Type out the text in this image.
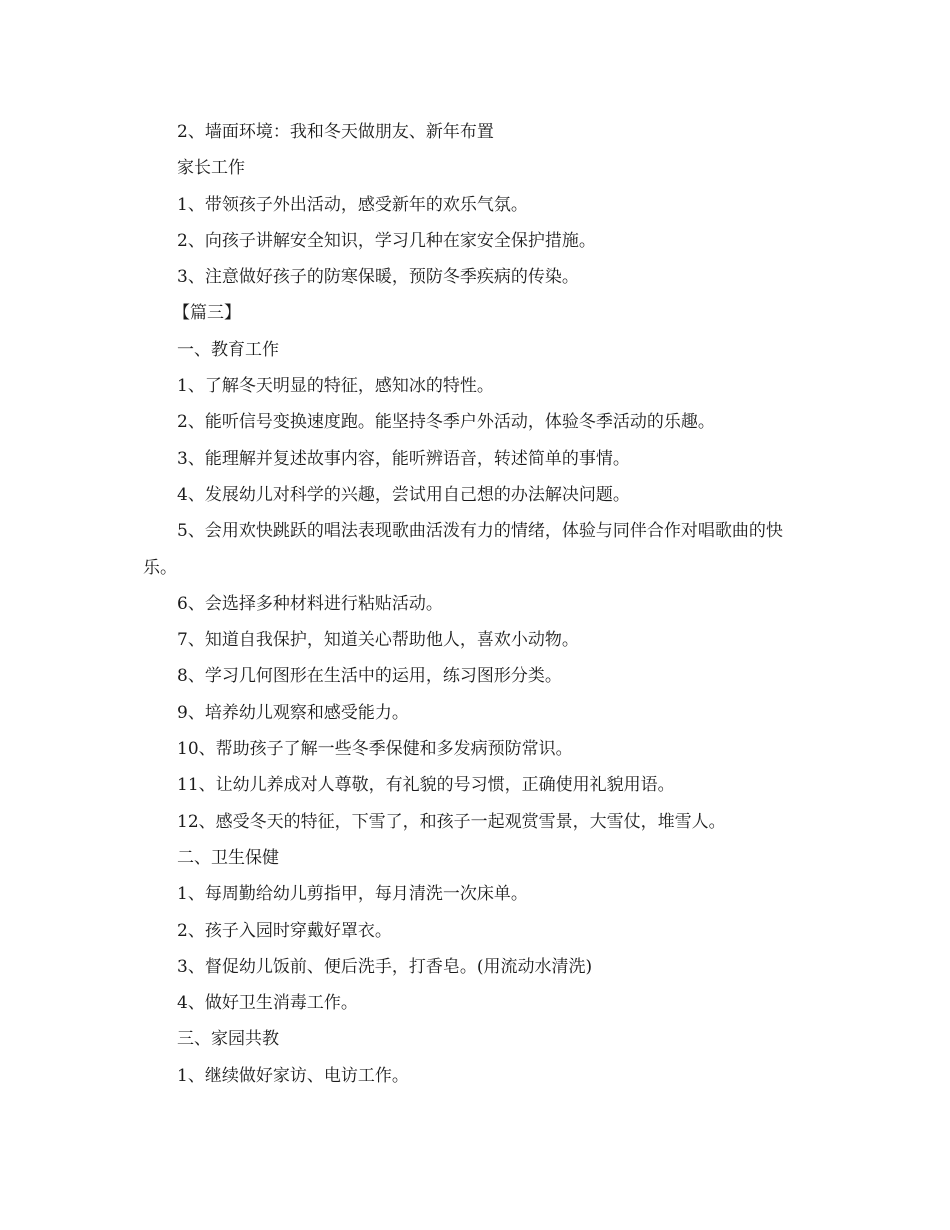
2、墙面环境：我和冬天做朋友、新年布置
家长工作
1、带领孩子外出活动，感受新年的欢乐气氛。
2、向孩子讲解安全知识，学习几种在家安全保护措施。
3、注意做好孩子的防寒保暖，预防冬季疾病的传染。
【篇三】
一、教育工作
1、了解冬天明显的特征，感知冰的特性。
2、能听信号变换速度跑。能坚持冬季户外活动，体验冬季活动的乐趣。
3、能理解并复述故事内容，能听辨语音，转述简单的事情。
4、发展幼儿对科学的兴趣，尝试用自己想的办法解决问题。
5、会用欢快跳跃的唱法表现歌曲活泼有力的情绪，体验与同伴合作对唱歌曲的快乐。
6、会选择多种材料进行粘贴活动。
7、知道自我保护，知道关心帮助他人，喜欢小动物。
8、学习几何图形在生活中的运用，练习图形分类。
9、培养幼儿观察和感受能力。
10、帮助孩子了解一些冬季保健和多发病预防常识。
11、让幼儿养成对人尊敬，有礼貌的号习惯，正确使用礼貌用语。
12、感受冬天的特征，下雪了，和孩子一起观赏雪景，大雪仗，堆雪人。
二、卫生保健
1、每周勤给幼儿剪指甲，每月清洗一次床单。
2、孩子入园时穿戴好罩衣。
3、督促幼儿饭前、便后洗手，打香皂。(用流动水清洗)
4、做好卫生消毒工作。
三、家园共教
1、继续做好家访、电访工作。
